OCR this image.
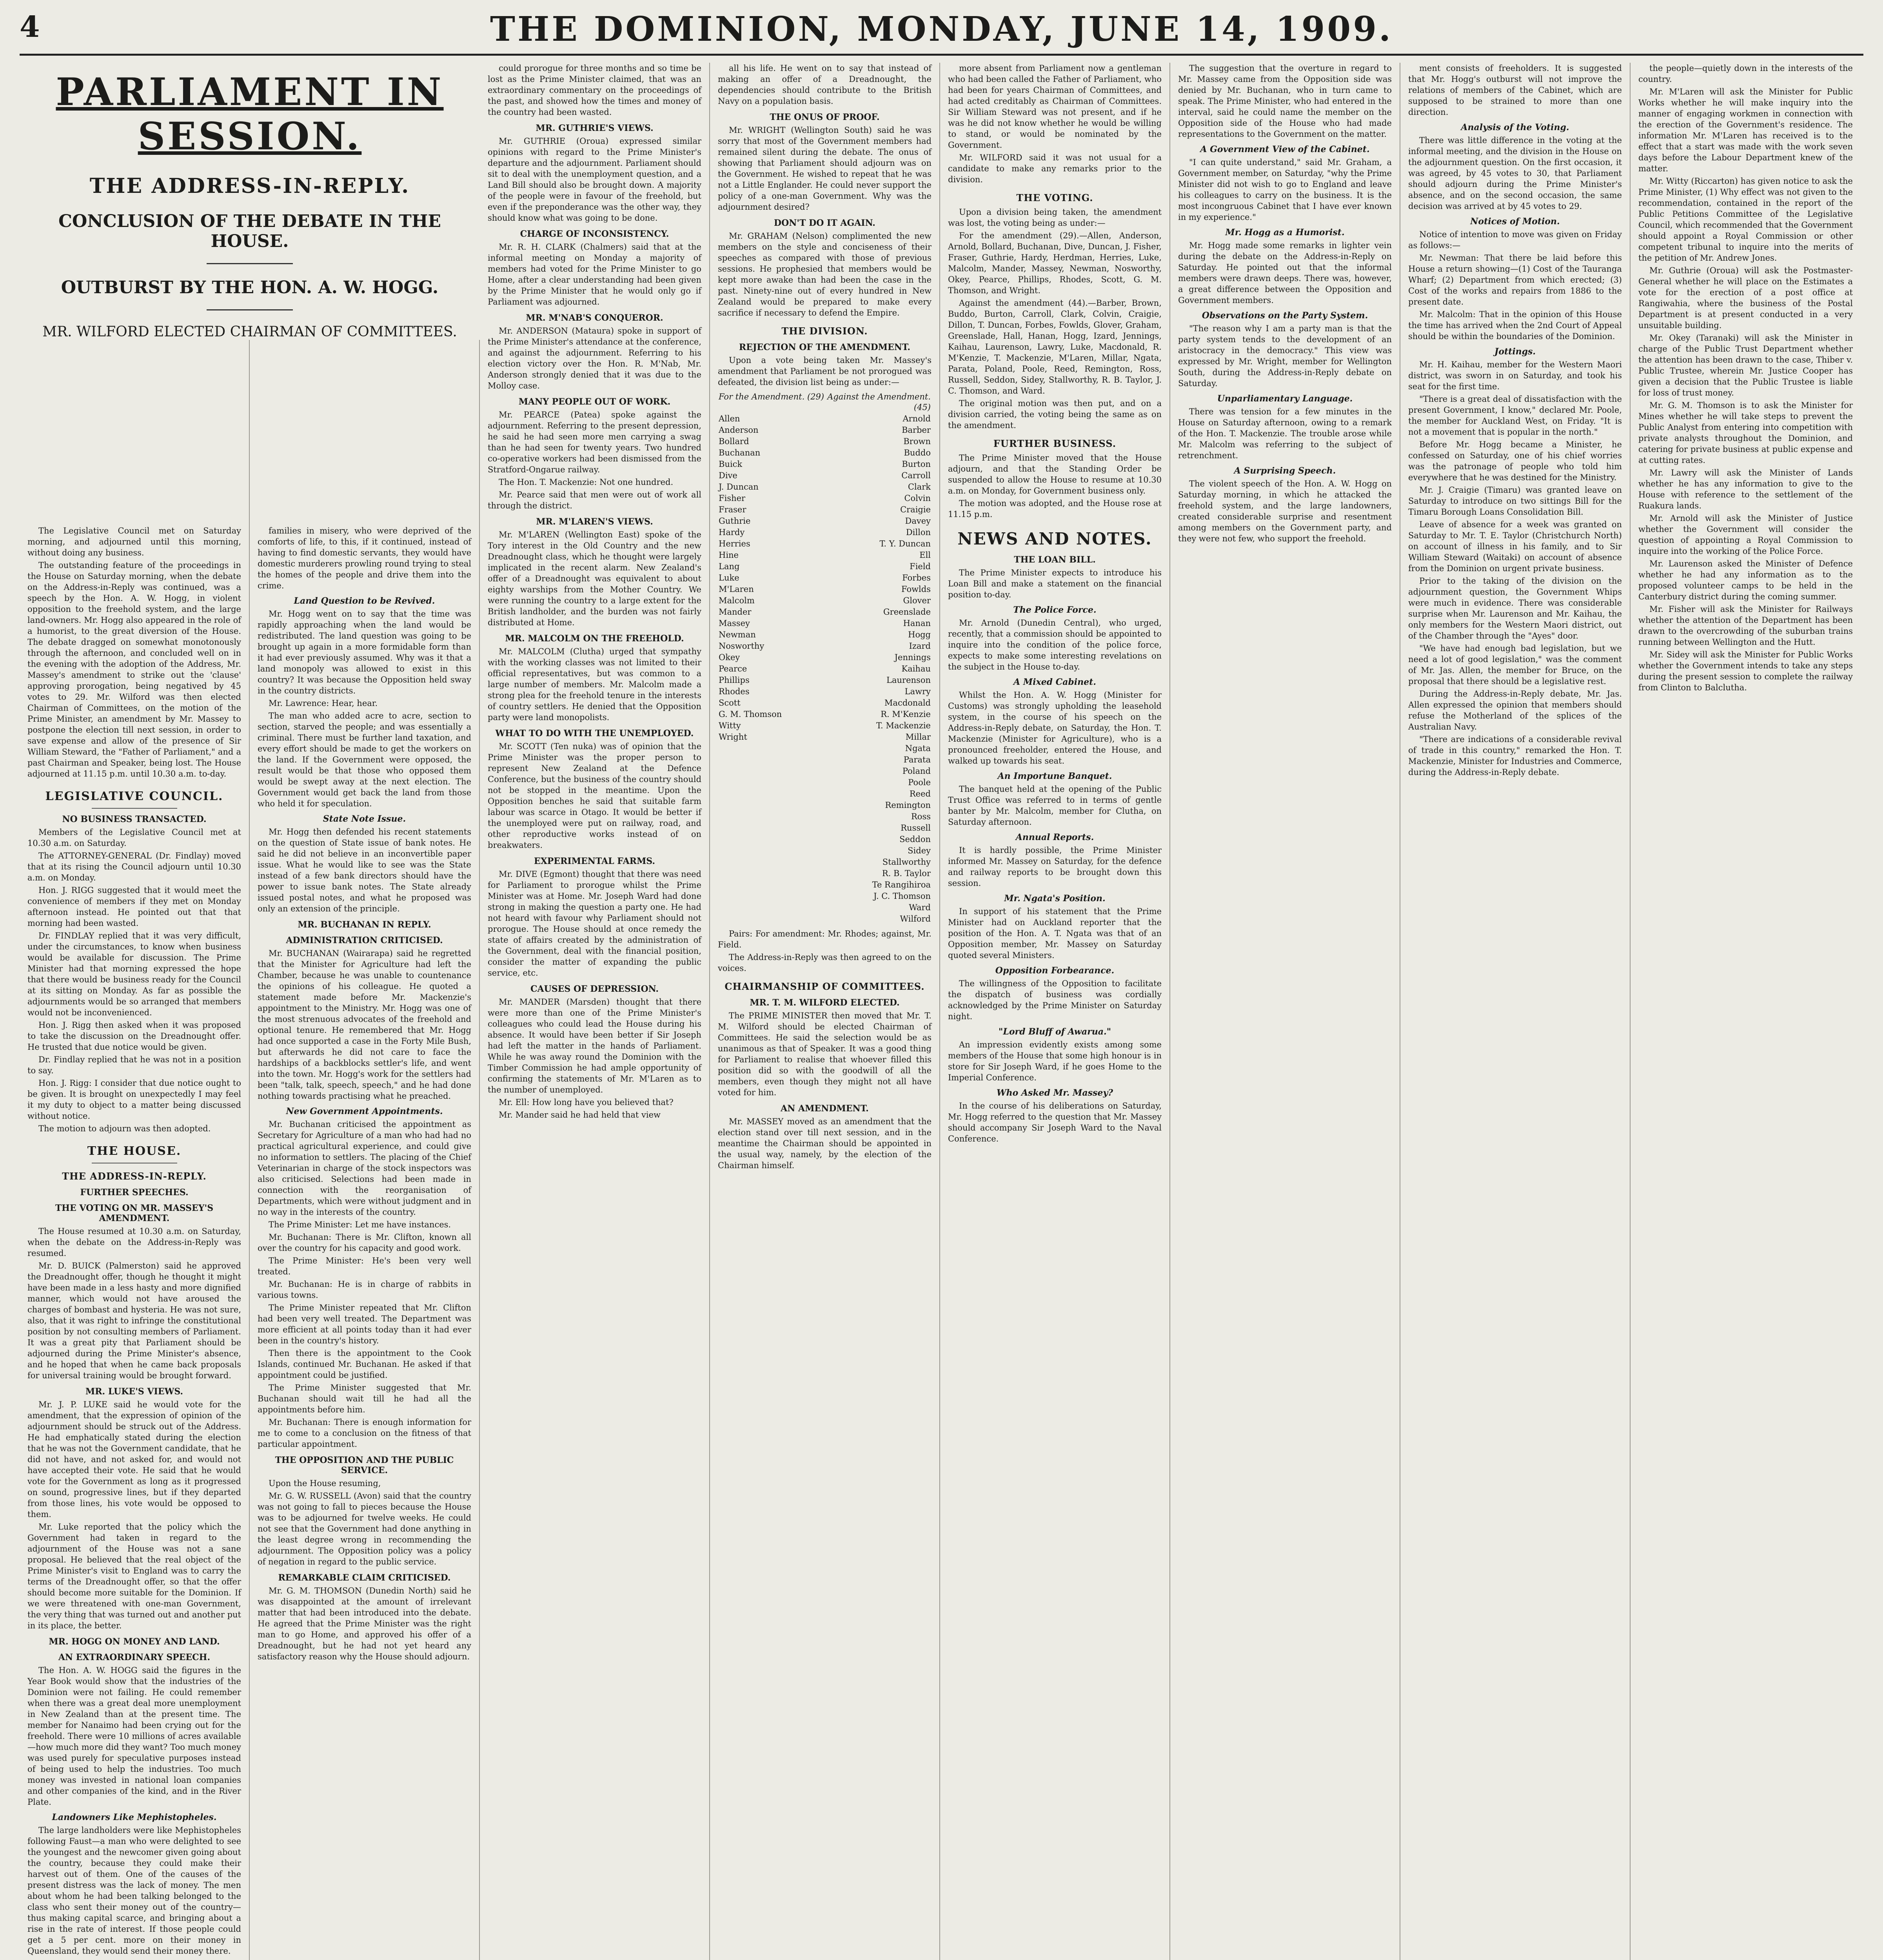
4	THE DOMINION, MONDAY, JUNE 14, 1909.

The Legislative Council met on Saturday morning, and adjourned until this morning, without doing any business.

The outstanding feature of the proceedings in the House on Saturday morning, when the debate on the Address-in-Reply was continued, was a speech by the Hon. A. W. Hogg, in violent opposition to the freehold system, and the large land-owners. Mr. Hogg also appeared in the role of a humorist, to the great diversion of the House. The debate dragged on somewhat monotonously through the afternoon, and concluded well on in the evening with the adoption of the Address, Mr. Massey's amendment to strike out the 'clause' approving prorogation, being negatived by 45 votes to 29. Mr. Wilford was then elected Chairman of Committees, on the motion of the Prime Minister, an amendment by Mr. Massey to postpone the election till next session, in order to save expense and allow of the presence of Sir William Steward, the "Father of Parliament," and a past Chairman and Speaker, being lost. The House adjourned at 11.15 p.m. until 10.30 a.m. to-day.

LEGISLATIVE COUNCIL.
NO BUSINESS TRANSACTED.

Members of the Legislative Council met at 10.30 a.m. on Saturday.

The ATTORNEY-GENERAL (Dr. Findlay) moved that at its rising the Council adjourn until 10.30 a.m. on Monday.

Hon. J. RIGG suggested that it would meet the convenience of members if they met on Monday afternoon instead. He pointed out that that morning had been wasted.

Dr. FINDLAY replied that it was very difficult, under the circumstances, to know when business would be available for discussion. The Prime Minister had that morning expressed the hope that there would be business ready for the Council at its sitting on Monday. As far as possible the adjournments would be so arranged that members would not be inconvenienced.

Hon. J. Rigg then asked when it was proposed to take the discussion on the Dreadnought offer. He trusted that due notice would be given.

Dr. Findlay replied that he was not in a position to say.

Hon. J. Rigg: I consider that due notice ought to be given. It is brought on unexpectedly I may feel it my duty to object to a matter being discussed without notice.

The motion to adjourn was then adopted.

THE HOUSE.
THE ADDRESS-IN-REPLY.
FURTHER SPEECHES.
THE VOTING ON MR. MASSEY'S AMENDMENT.

The House resumed at 10.30 a.m. on Saturday, when the debate on the Address-in-Reply was resumed.

Mr. D. BUICK (Palmerston) said he approved the Dreadnought offer, though he thought it might have been made in a less hasty and more dignified manner, which would not have aroused the charges of bombast and hysteria. He was not sure, also, that it was right to infringe the constitutional position by not consulting members of Parliament. It was a great pity that Parliament should be adjourned during the Prime Minister's absence, and he hoped that when he came back proposals for universal training would be brought forward.

MR. LUKE'S VIEWS.

Mr. J. P. LUKE said he would vote for the amendment, that the expression of opinion of the adjournment should be struck out of the Address. He had emphatically stated during the election that he was not the Government candidate, that he did not have, and not asked for, and would not have accepted their vote. He said that he would vote for the Government as long as it progressed on sound, progressive lines, but if they departed from those lines, his vote would be opposed to them.

Mr. Luke reported that the policy which the Government had taken in regard to the adjournment of the House was not a sane proposal. He believed that the real object of the Prime Minister's visit to England was to carry the terms of the Dreadnought offer, so that the offer should become more suitable for the Dominion. If we were threatened with one-man Government, the very thing that was turned out and another put in its place, the better.

MR. HOGG ON MONEY AND LAND.
AN EXTRAORDINARY SPEECH.

The Hon. A. W. HOGG said the figures in the Year Book would show that the industries of the Dominion were not failing. He could remember when there was a great deal more unemployment in New Zealand than at the present time. The member for Nanaimo had been crying out for the freehold. There were 10 millions of acres available—how much more did they want? Too much money was used purely for speculative purposes instead of being used to help the industries. Too much money was invested in national loan companies and other companies of the kind, and in the River Plate.

Landowners Like Mephistopheles.

The large landholders were like Mephistopheles following Faust—a man who were delighted to see the youngest and the newcomer given going about the country, because they could make their harvest out of them. One of the causes of the present distress was the lack of money. The men about whom he had been talking belonged to the class who sent their money out of the country—thus making capital scarce, and bringing about a rise in the rate of interest. If those people could get a 5 per cent. more on their money in Queensland, they would send their money there.

families in misery, who were deprived of the comforts of life, to this, if it continued, instead of having to find domestic servants, they would have domestic murderers prowling round trying to steal the homes of the people and drive them into the crime.

Land Question to be Revived.

Mr. Hogg went on to say that the time was rapidly approaching when the land would be redistributed. The land question was going to be brought up again in a more formidable form than it had ever previously assumed. Why was it that a land monopoly was allowed to exist in this country? It was because the Opposition held sway in the country districts.

Mr. Lawrence: Hear, hear.

The man who added acre to acre, section to section, starved the people; and was essentially a criminal. There must be further land taxation, and every effort should be made to get the workers on the land. If the Government were opposed, the result would be that those who opposed them would be swept away at the next election. The Government would get back the land from those who held it for speculation.

State Note Issue.

Mr. Hogg then defended his recent statements on the question of State issue of bank notes. He said he did not believe in an inconvertible paper issue. What he would like to see was the State instead of a few bank directors should have the power to issue bank notes. The State already issued postal notes, and what he proposed was only an extension of the principle.

MR. BUCHANAN IN REPLY.
ADMINISTRATION CRITICISED.

Mr. BUCHANAN (Wairarapa) said he regretted that the Minister for Agriculture had left the Chamber, because he was unable to countenance the opinions of his colleague. He quoted a statement made before Mr. Mackenzie's appointment to the Ministry. Mr. Hogg was one of the most strenuous advocates of the freehold and optional tenure. He remembered that Mr. Hogg had once supported a case in the Forty Mile Bush, but afterwards he did not care to face the hardships of a backblocks settler's life, and went into the town. Mr. Hogg's work for the settlers had been "talk, talk, speech, speech," and he had done nothing towards practising what he preached.

New Government Appointments.

Mr. Buchanan criticised the appointment as Secretary for Agriculture of a man who had had no practical agricultural experience, and could give no information to settlers. The placing of the Chief Veterinarian in charge of the stock inspectors was also criticised. Selections had been made in connection with the reorganisation of Departments, which were without judgment and in no way in the interests of the country.

The Prime Minister: Let me have instances.

Mr. Buchanan: There is Mr. Clifton, known all over the country for his capacity and good work.

The Prime Minister: He's been very well treated.

Mr. Buchanan: He is in charge of rabbits in various towns.

The Prime Minister repeated that Mr. Clifton had been very well treated. The Department was more efficient at all points today than it had ever been in the country's history.

Then there is the appointment to the Cook Islands, continued Mr. Buchanan. He asked if that appointment could be justified.

The Prime Minister suggested that Mr. Buchanan should wait till he had all the appointments before him.

Mr. Buchanan: There is enough information for me to come to a conclusion on the fitness of that particular appointment.

THE OPPOSITION AND THE PUBLIC SERVICE.

Upon the House resuming,

Mr. G. W. RUSSELL (Avon) said that the country was not going to fall to pieces because the House was to be adjourned for twelve weeks. He could not see that the Government had done anything in the least degree wrong in recommending the adjournment. The Opposition policy was a policy of negation in regard to the public service.

REMARKABLE CLAIM CRITICISED.

Mr. G. M. THOMSON (Dunedin North) said he was disappointed at the amount of irrelevant matter that had been introduced into the debate. He agreed that the Prime Minister was the right man to go Home, and approved his offer of a Dreadnought, but he had not yet heard any satisfactory reason why the House should adjourn.

could prorogue for three months and so time be lost as the Prime Minister claimed, that was an extraordinary commentary on the proceedings of the past, and showed how the times and money of the country had been wasted.

MR. GUTHRIE'S VIEWS.

Mr. GUTHRIE (Oroua) expressed similar opinions with regard to the Prime Minister's departure and the adjournment. Parliament should sit to deal with the unemployment question, and a Land Bill should also be brought down. A majority of the people were in favour of the freehold, but even if the preponderance was the other way, they should know what was going to be done.

CHARGE OF INCONSISTENCY.

Mr. R. H. CLARK (Chalmers) said that at the informal meeting on Monday a majority of members had voted for the Prime Minister to go Home, after a clear understanding had been given by the Prime Minister that he would only go if Parliament was adjourned.

MR. M'NAB'S CONQUEROR.

Mr. ANDERSON (Mataura) spoke in support of the Prime Minister's attendance at the conference, and against the adjournment. Referring to his election victory over the Hon. R. M'Nab, Mr. Anderson strongly denied that it was due to the Molloy case.

MANY PEOPLE OUT OF WORK.

Mr. PEARCE (Patea) spoke against the adjournment. Referring to the present depression, he said he had seen more men carrying a swag than he had seen for twenty years. Two hundred co-operative workers had been dismissed from the Stratford-Ongarue railway.

The Hon. T. Mackenzie: Not one hundred.

Mr. Pearce said that men were out of work all through the district.

MR. M'LAREN'S VIEWS.

Mr. M'LAREN (Wellington East) spoke of the Tory interest in the Old Country and the new Dreadnought class, which he thought were largely implicated in the recent alarm. New Zealand's offer of a Dreadnought was equivalent to about eighty warships from the Mother Country. We were running the country to a large extent for the British landholder, and the burden was not fairly distributed at Home.

MR. MALCOLM ON THE FREEHOLD.

Mr. MALCOLM (Clutha) urged that sympathy with the working classes was not limited to their official representatives, but was common to a large number of members. Mr. Malcolm made a strong plea for the freehold tenure in the interests of country settlers. He denied that the Opposition party were land monopolists.

WHAT TO DO WITH THE UNEMPLOYED.

Mr. SCOTT (Ten nuka) was of opinion that the Prime Minister was the proper person to represent New Zealand at the Defence Conference, but the business of the country should not be stopped in the meantime. Upon the Opposition benches he said that suitable farm labour was scarce in Otago. It would be better if the unemployed were put on railway, road, and other reproductive works instead of on breakwaters.

EXPERIMENTAL FARMS.

Mr. DIVE (Egmont) thought that there was need for Parliament to prorogue whilst the Prime Minister was at Home. Mr. Joseph Ward had done strong in making the question a party one. He had not heard with favour why Parliament should not prorogue. The House should at once remedy the state of affairs created by the administration of the Government, deal with the financial position, consider the matter of expanding the public service, etc.

CAUSES OF DEPRESSION.

Mr. MANDER (Marsden) thought that there were more than one of the Prime Minister's colleagues who could lead the House during his absence. It would have been better if Sir Joseph had left the matter in the hands of Parliament. While he was away round the Dominion with the Timber Commission he had ample opportunity of confirming the statements of Mr. M'Laren as to the number of unemployed.

Mr. Ell: How long have you believed that?

Mr. Mander said he had held that view

all his life. He went on to say that instead of making an offer of a Dreadnought, the dependencies should contribute to the British Navy on a population basis.

THE ONUS OF PROOF.

Mr. WRIGHT (Wellington South) said he was sorry that most of the Government members had remained silent during the debate. The onus of showing that Parliament should adjourn was on the Government. He wished to repeat that he was not a Little Englander. He could never support the policy of a one-man Government. Why was the adjournment desired?

DON'T DO IT AGAIN.

Mr. GRAHAM (Nelson) complimented the new members on the style and conciseness of their speeches as compared with those of previous sessions. He prophesied that members would be kept more awake than had been the case in the past. Ninety-nine out of every hundred in New Zealand would be prepared to make every sacrifice if necessary to defend the Empire.

THE DIVISION.
REJECTION OF THE AMENDMENT.

Upon a vote being taken Mr. Massey's amendment that Parliament be not prorogued was defeated, the division list being as under:—

For the Amendment. (29)	Against the Amendment. (45)
Allen	Arnold
Anderson	Barber
Bollard	Brown
Buchanan	Buddo
Buick	Burton
Dive	Carroll
J. Duncan	Clark
Fisher	Colvin
Fraser	Craigie
Guthrie	Davey
Hardy	Dillon
Herries	T. Y. Duncan
Hine	Ell
Lang	Field
Luke	Forbes
M'Laren	Fowlds
Malcolm	Glover
Mander	Greenslade
Massey	Hanan
Newman	Hogg
Nosworthy	Izard
Okey	Jennings
Pearce	Kaihau
Phillips	Laurenson
Rhodes	Lawry
Scott	Macdonald
G. M. Thomson	R. M'Kenzie
Witty	T. Mackenzie
Wright	Millar
	Ngata
	Parata
	Poland
	Poole
	Reed
	Remington
	Ross
	Russell
	Seddon
	Sidey
	Stallworthy
	R. B. Taylor
	Te Rangihiroa
	J. C. Thomson
	Ward
	Wilford

Pairs: For amendment: Mr. Rhodes; against, Mr. Field.

The Address-in-Reply was then agreed to on the voices.

CHAIRMANSHIP OF COMMITTEES.
MR. T. M. WILFORD ELECTED.

The PRIME MINISTER then moved that Mr. T. M. Wilford should be elected Chairman of Committees. He said the selection would be as unanimous as that of Speaker. It was a good thing for Parliament to realise that whoever filled this position did so with the goodwill of all the members, even though they might not all have voted for him.

AN AMENDMENT.

Mr. MASSEY moved as an amendment that the election stand over till next session, and in the meantime the Chairman should be appointed in the usual way, namely, by the election of the Chairman himself.

more absent from Parliament now a gentleman who had been called the Father of Parliament, who had been for years Chairman of Committees, and had acted creditably as Chairman of Committees. Sir William Steward was not present, and if he was he did not know whether he would be willing to stand, or would be nominated by the Government.

Mr. WILFORD said it was not usual for a candidate to make any remarks prior to the division.

THE VOTING.

Upon a division being taken, the amendment was lost, the voting being as under:—

For the amendment (29).—Allen, Anderson, Arnold, Bollard, Buchanan, Dive, Duncan, J. Fisher, Fraser, Guthrie, Hardy, Herdman, Herries, Luke, Malcolm, Mander, Massey, Newman, Nosworthy, Okey, Pearce, Phillips, Rhodes, Scott, G. M. Thomson, and Wright.

Against the amendment (44).—Barber, Brown, Buddo, Burton, Carroll, Clark, Colvin, Craigie, Dillon, T. Duncan, Forbes, Fowlds, Glover, Graham, Greenslade, Hall, Hanan, Hogg, Izard, Jennings, Kaihau, Laurenson, Lawry, Luke, Macdonald, R. M'Kenzie, T. Mackenzie, M'Laren, Millar, Ngata, Parata, Poland, Poole, Reed, Remington, Ross, Russell, Seddon, Sidey, Stallworthy, R. B. Taylor, J. C. Thomson, and Ward.

The original motion was then put, and on a division carried, the voting being the same as on the amendment.

FURTHER BUSINESS.

The Prime Minister moved that the House adjourn, and that the Standing Order be suspended to allow the House to resume at 10.30 a.m. on Monday, for Government business only.

The motion was adopted, and the House rose at 11.15 p.m.

NEWS AND NOTES.
THE LOAN BILL.

The Prime Minister expects to introduce his Loan Bill and make a statement on the financial position to-day.

The Police Force.

Mr. Arnold (Dunedin Central), who urged, recently, that a commission should be appointed to inquire into the condition of the police force, expects to make some interesting revelations on the subject in the House to-day.

A Mixed Cabinet.

Whilst the Hon. A. W. Hogg (Minister for Customs) was strongly upholding the leasehold system, in the course of his speech on the Address-in-Reply debate, on Saturday, the Hon. T. Mackenzie (Minister for Agriculture), who is a pronounced freeholder, entered the House, and walked up towards his seat.

An Importune Banquet.

The banquet held at the opening of the Public Trust Office was referred to in terms of gentle banter by Mr. Malcolm, member for Clutha, on Saturday afternoon.

Annual Reports.

It is hardly possible, the Prime Minister informed Mr. Massey on Saturday, for the defence and railway reports to be brought down this session.

Mr. Ngata's Position.

In support of his statement that the Prime Minister had on Auckland reporter that the position of the Hon. A. T. Ngata was that of an Opposition member, Mr. Massey on Saturday quoted several Ministers.

Opposition Forbearance.

The willingness of the Opposition to facilitate the dispatch of business was cordially acknowledged by the Prime Minister on Saturday night.

"Lord Bluff of Awarua."

An impression evidently exists among some members of the House that some high honour is in store for Sir Joseph Ward, if he goes Home to the Imperial Conference.

Who Asked Mr. Massey?

In the course of his deliberations on Saturday, Mr. Hogg referred to the question that Mr. Massey should accompany Sir Joseph Ward to the Naval Conference.

The suggestion that the overture in regard to Mr. Massey came from the Opposition side was denied by Mr. Buchanan, who in turn came to speak. The Prime Minister, who had entered in the interval, said he could name the member on the Opposition side of the House who had made representations to the Government on the matter.

A Government View of the Cabinet.

"I can quite understand," said Mr. Graham, a Government member, on Saturday, "why the Prime Minister did not wish to go to England and leave his colleagues to carry on the business. It is the most incongruous Cabinet that I have ever known in my experience."

Mr. Hogg as a Humorist.

Mr. Hogg made some remarks in lighter vein during the debate on the Address-in-Reply on Saturday. He pointed out that the informal members were drawn deeps. There was, however, a great difference between the Opposition and Government members.

Observations on the Party System.

"The reason why I am a party man is that the party system tends to the development of an aristocracy in the democracy." This view was expressed by Mr. Wright, member for Wellington South, during the Address-in-Reply debate on Saturday.

Unparliamentary Language.

There was tension for a few minutes in the House on Saturday afternoon, owing to a remark of the Hon. T. Mackenzie. The trouble arose while Mr. Malcolm was referring to the subject of retrenchment.

A Surprising Speech.

The violent speech of the Hon. A. W. Hogg on Saturday morning, in which he attacked the freehold system, and the large landowners, created considerable surprise and resentment among members on the Government party, and they were not few, who support the freehold.

ment consists of freeholders. It is suggested that Mr. Hogg's outburst will not improve the relations of members of the Cabinet, which are supposed to be strained to more than one direction.

Analysis of the Voting.

There was little difference in the voting at the informal meeting, and the division in the House on the adjournment question. On the first occasion, it was agreed, by 45 votes to 30, that Parliament should adjourn during the Prime Minister's absence, and on the second occasion, the same decision was arrived at by 45 votes to 29.

Notices of Motion.

Notice of intention to move was given on Friday as follows:—

Mr. Newman: That there be laid before this House a return showing—(1) Cost of the Tauranga Wharf; (2) Department from which erected; (3) Cost of the works and repairs from 1886 to the present date.

Mr. Malcolm: That in the opinion of this House the time has arrived when the 2nd Court of Appeal should be within the boundaries of the Dominion.

Jottings.

Mr. H. Kaihau, member for the Western Maori district, was sworn in on Saturday, and took his seat for the first time.

"There is a great deal of dissatisfaction with the present Government, I know," declared Mr. Poole, the member for Auckland West, on Friday. "It is not a movement that is popular in the north."

Before Mr. Hogg became a Minister, he confessed on Saturday, one of his chief worries was the patronage of people who told him everywhere that he was destined for the Ministry.

Mr. J. Craigie (Timaru) was granted leave on Saturday to introduce on two sittings Bill for the Timaru Borough Loans Consolidation Bill.

Leave of absence for a week was granted on Saturday to Mr. T. E. Taylor (Christchurch North) on account of illness in his family, and to Sir William Steward (Waitaki) on account of absence from the Dominion on urgent private business.

Prior to the taking of the division on the adjournment question, the Government Whips were much in evidence. There was considerable surprise when Mr. Laurenson and Mr. Kaihau, the only members for the Western Maori district, out of the Chamber through the "Ayes" door.

"We have had enough bad legislation, but we need a lot of good legislation," was the comment of Mr. Jas. Allen, the member for Bruce, on the proposal that there should be a legislative rest.

During the Address-in-Reply debate, Mr. Jas. Allen expressed the opinion that members should refuse the Motherland of the splices of the Australian Navy.

"There are indications of a considerable revival of trade in this country," remarked the Hon. T. Mackenzie, Minister for Industries and Commerce, during the Address-in-Reply debate.

the people—quietly down in the interests of the country.

Mr. M'Laren will ask the Minister for Public Works whether he will make inquiry into the manner of engaging workmen in connection with the erection of the Government's residence. The information Mr. M'Laren has received is to the effect that a start was made with the work seven days before the Labour Department knew of the matter.

Mr. Witty (Riccarton) has given notice to ask the Prime Minister, (1) Why effect was not given to the recommendation, contained in the report of the Public Petitions Committee of the Legislative Council, which recommended that the Government should appoint a Royal Commission or other competent tribunal to inquire into the merits of the petition of Mr. Andrew Jones.

Mr. Guthrie (Oroua) will ask the Postmaster-General whether he will place on the Estimates a vote for the erection of a post office at Rangiwahia, where the business of the Postal Department is at present conducted in a very unsuitable building.

Mr. Okey (Taranaki) will ask the Minister in charge of the Public Trust Department whether the attention has been drawn to the case, Thiber v. Public Trustee, wherein Mr. Justice Cooper has given a decision that the Public Trustee is liable for loss of trust money.

Mr. G. M. Thomson is to ask the Minister for Mines whether he will take steps to prevent the Public Analyst from entering into competition with private analysts throughout the Dominion, and catering for private business at public expense and at cutting rates.

Mr. Lawry will ask the Minister of Lands whether he has any information to give to the House with reference to the settlement of the Ruakura lands.

Mr. Arnold will ask the Minister of Justice whether the Government will consider the question of appointing a Royal Commission to inquire into the working of the Police Force.

Mr. Laurenson asked the Minister of Defence whether he had any information as to the proposed volunteer camps to be held in the Canterbury district during the coming summer.

Mr. Fisher will ask the Minister for Railways whether the attention of the Department has been drawn to the overcrowding of the suburban trains running between Wellington and the Hutt.

Mr. Sidey will ask the Minister for Public Works whether the Government intends to take any steps during the present session to complete the railway from Clinton to Balclutha.

PARLIAMENT IN SESSION.
THE ADDRESS-IN-REPLY.
CONCLUSION OF THE DEBATE IN THE HOUSE.
OUTBURST BY THE HON. A. W. HOGG.
MR. WILFORD ELECTED CHAIRMAN OF COMMITTEES.
